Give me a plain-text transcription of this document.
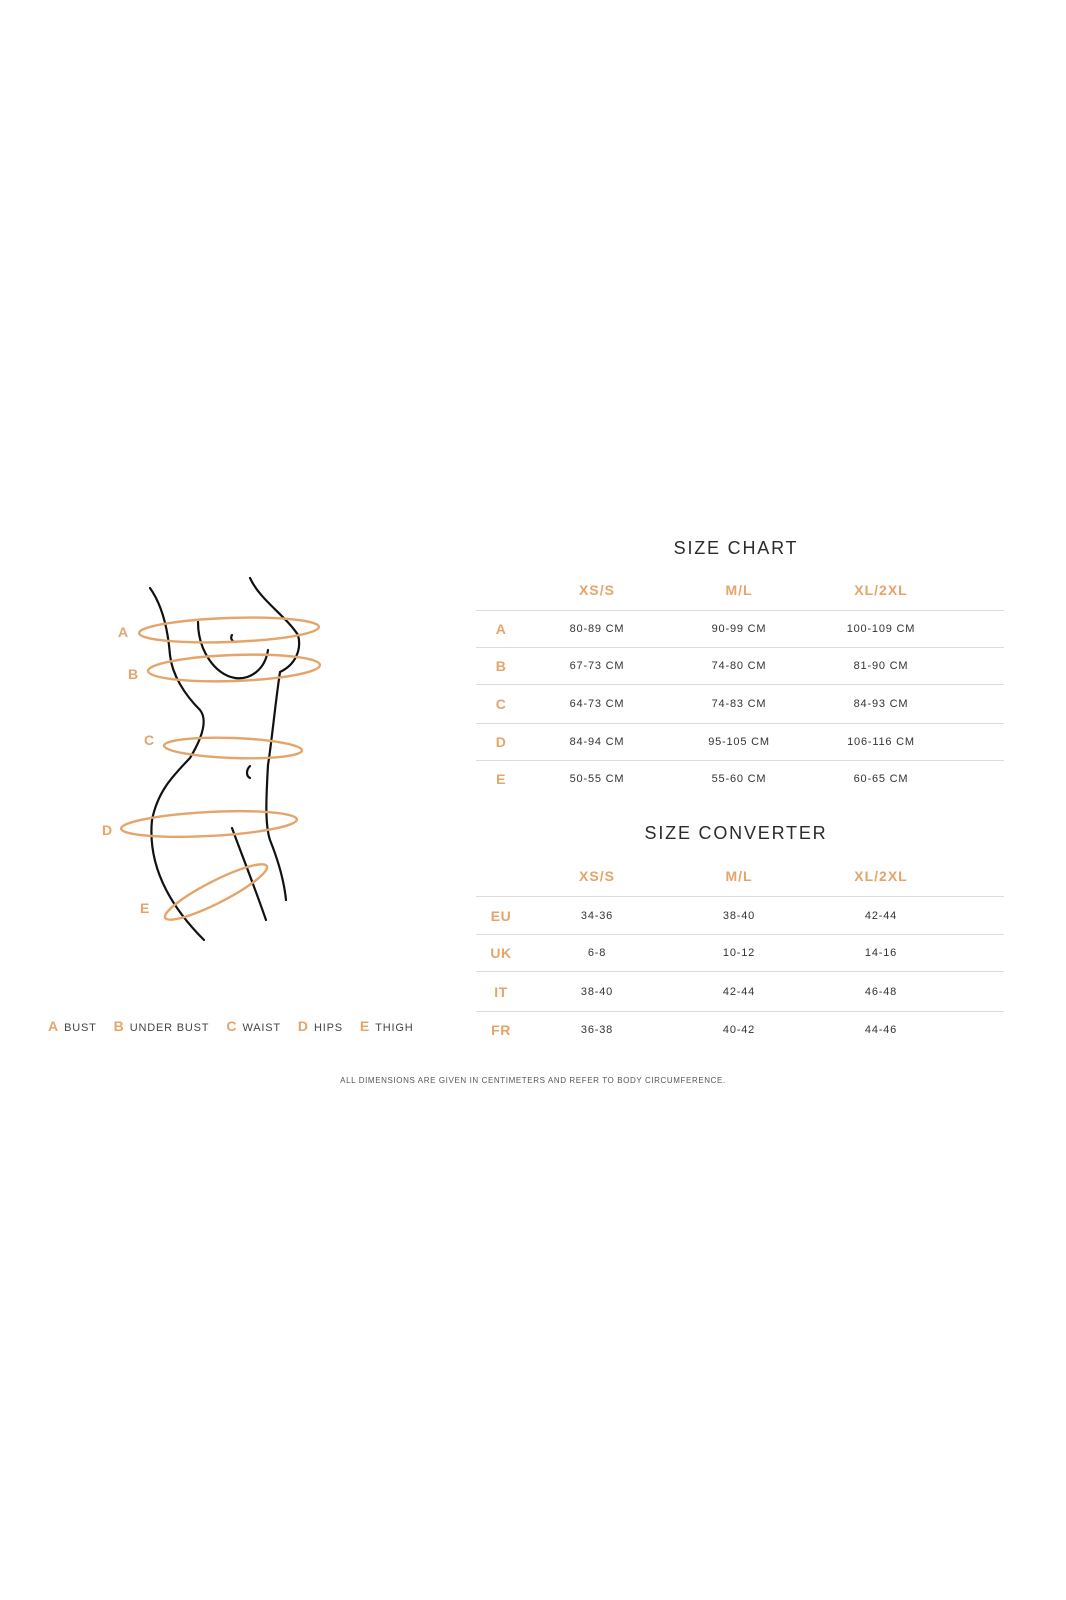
A
B
C
D
E
A BUST B UNDER BUST C WAIST D HIPS E THIGH
SIZE CHART
XS/S	M/L	XL/2XL
A	80-89 CM	90-99 CM	100-109 CM
B	67-73 CM	74-80 CM	81-90 CM
C	64-73 CM	74-83 CM	84-93 CM
D	84-94 CM	95-105 CM	106-116 CM
E	50-55 CM	55-60 CM	60-65 CM
SIZE CONVERTER
XS/S	M/L	XL/2XL
EU	34-36	38-40	42-44
UK	6-8	10-12	14-16
IT	38-40	42-44	46-48
FR	36-38	40-42	44-46
ALL DIMENSIONS ARE GIVEN IN CENTIMETERS AND REFER TO BODY CIRCUMFERENCE.
